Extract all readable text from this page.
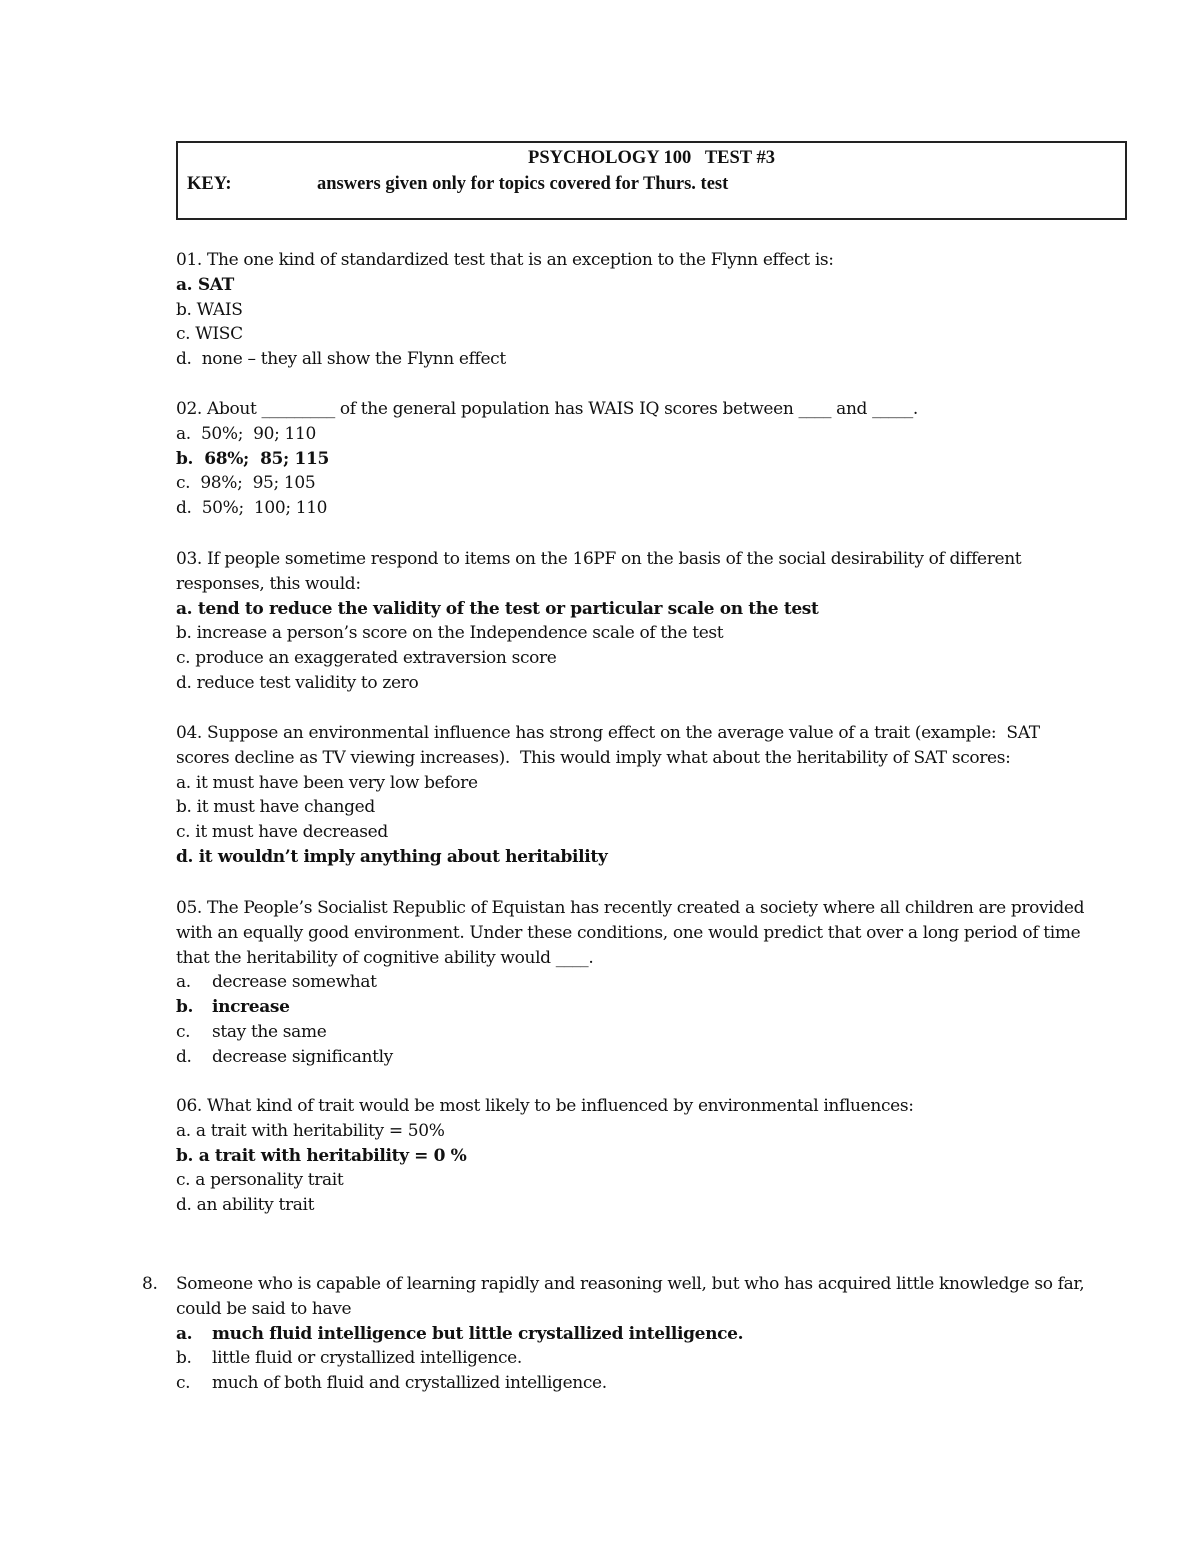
PSYCHOLOGY 100   TEST #3
KEY:	answers given only for topics covered for Thurs. test
01. The one kind of standardized test that is an exception to the Flynn effect is:
a. SAT
b. WAIS
c. WISC
d. none – they all show the Flynn effect
02. About _________ of the general population has WAIS IQ scores between ____ and _____.
a. 50%;  90; 110
b. 68%;  85; 115
c. 98%;  95; 105
d. 50%;  100; 110
03. If people sometime respond to items on the 16PF on the basis of the social desirability of different
responses, this would:
a. tend to reduce the validity of the test or particular scale on the test
b. increase a person’s score on the Independence scale of the test
c. produce an exaggerated extraversion score
d. reduce test validity to zero
04. Suppose an environmental influence has strong effect on the average value of a trait (example:  SAT
scores decline as TV viewing increases).  This would imply what about the heritability of SAT scores:
a. it must have been very low before
b. it must have changed
c. it must have decreased
d. it wouldn’t imply anything about heritability
05. The People’s Socialist Republic of Equistan has recently created a society where all children are provided
with an equally good environment. Under these conditions, one would predict that over a long period of time
that the heritability of cognitive ability would ____.
a. decrease somewhat
b. increase
c. stay the same
d. decrease significantly
06. What kind of trait would be most likely to be influenced by environmental influences:
a. a trait with heritability = 50%
b. a trait with heritability = 0 %
c. a personality trait
d. an ability trait
8. Someone who is capable of learning rapidly and reasoning well, but who has acquired little knowledge so far,
could be said to have
a. much fluid intelligence but little crystallized intelligence.
b. little fluid or crystallized intelligence.
c. much of both fluid and crystallized intelligence.
